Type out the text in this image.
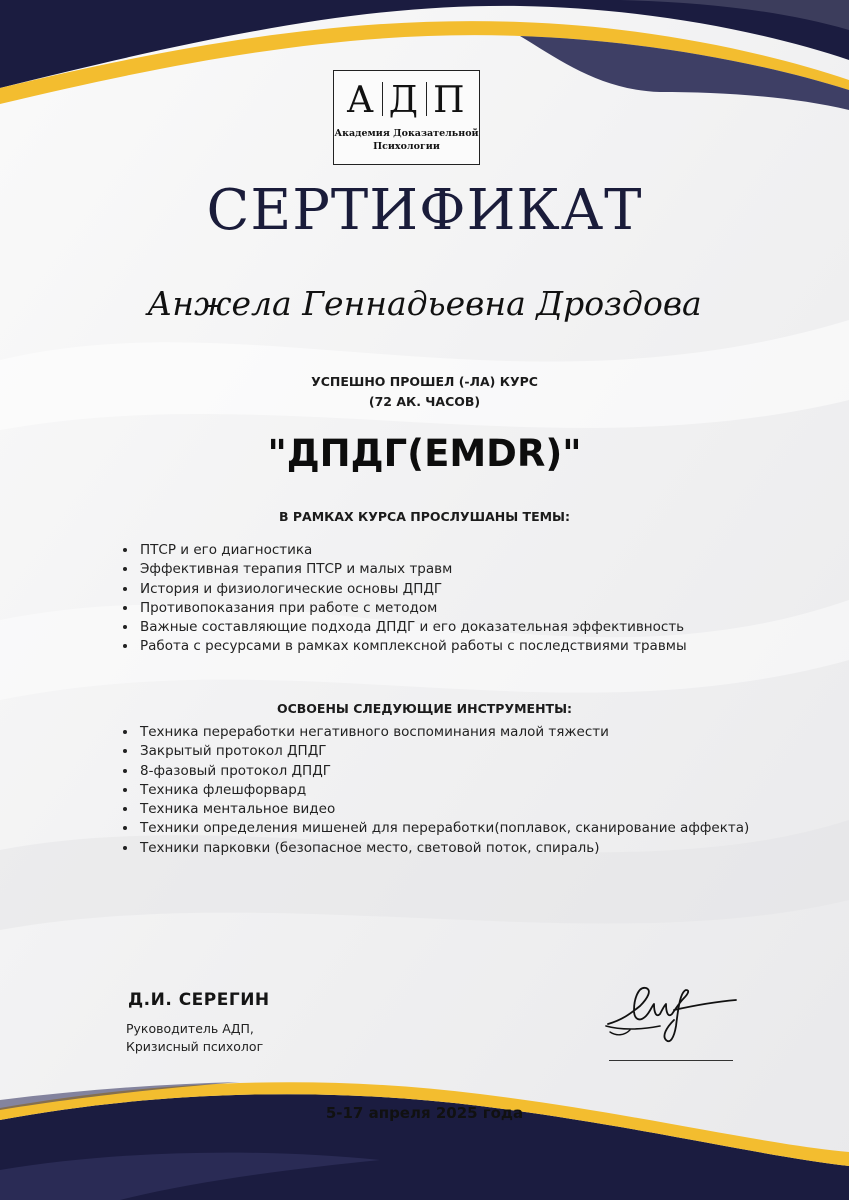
А Д П
Академия Доказательной
Психологии
СЕРТИФИКАТ
Анжела Геннадьевна Дроздова
УСПЕШНО ПРОШЕЛ (-ЛА) КУРС
(72 АК. ЧАСОВ)
"ДПДГ(EMDR)"
В РАМКАХ КУРСА ПРОСЛУШАНЫ ТЕМЫ:
• ПТСР и его диагностика
• Эффективная терапия ПТСР и малых травм
• История и физиологические основы ДПДГ
• Противопоказания при работе с методом
• Важные составляющие подхода ДПДГ и его доказательная эффективность
• Работа с ресурсами в рамках комплексной работы с последствиями травмы
ОСВОЕНЫ СЛЕДУЮЩИЕ ИНСТРУМЕНТЫ:
• Техника переработки негативного воспоминания малой тяжести
• Закрытый протокол ДПДГ
• 8-фазовый протокол ДПДГ
• Техника флешфорвард
• Техника ментальное видео
• Техники определения мишеней для переработки(поплавок, сканирование аффекта)
• Техники парковки (безопасное место, световой поток, спираль)
Д.И. СЕРЕГИН
Руководитель АДП,
Кризисный психолог
5-17 апреля 2025 года
